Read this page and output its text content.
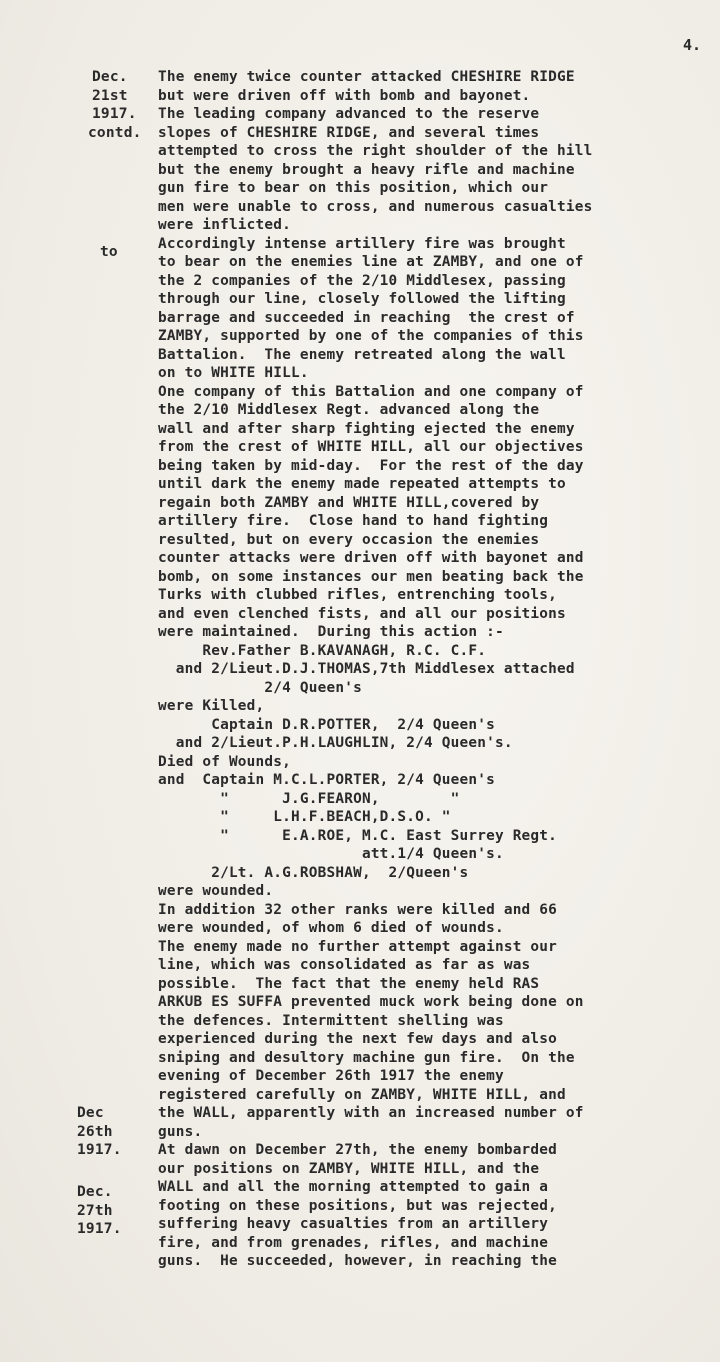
4.
Dec.
21st
1917.
contd.
to
Dec
26th
1917.
Dec.
27th
1917.
The enemy twice counter attacked CHESHIRE RIDGE
but were driven off with bomb and bayonet.
The leading company advanced to the reserve
slopes of CHESHIRE RIDGE, and several times
attempted to cross the right shoulder of the hill
but the enemy brought a heavy rifle and machine
gun fire to bear on this position, which our
men were unable to cross, and numerous casualties
were inflicted.
Accordingly intense artillery fire was brought
to bear on the enemies line at ZAMBY, and one of
the 2 companies of the 2/10 Middlesex, passing
through our line, closely followed the lifting
barrage and succeeded in reaching  the crest of
ZAMBY, supported by one of the companies of this
Battalion.  The enemy retreated along the wall
on to WHITE HILL.
One company of this Battalion and one company of
the 2/10 Middlesex Regt. advanced along the
wall and after sharp fighting ejected the enemy
from the crest of WHITE HILL, all our objectives
being taken by mid-day.  For the rest of the day
until dark the enemy made repeated attempts to
regain both ZAMBY and WHITE HILL,covered by
artillery fire.  Close hand to hand fighting
resulted, but on every occasion the enemies
counter attacks were driven off with bayonet and
bomb, on some instances our men beating back the
Turks with clubbed rifles, entrenching tools,
and even clenched fists, and all our positions
were maintained.  During this action :-
Rev.Father B.KAVANAGH, R.C. C.F.
and 2/Lieut.D.J.THOMAS,7th Middlesex attached
2/4 Queen's
were Killed,
Captain D.R.POTTER,  2/4 Queen's
and 2/Lieut.P.H.LAUGHLIN, 2/4 Queen's.
Died of Wounds,
and  Captain M.C.L.PORTER, 2/4 Queen's
"      J.G.FEARON,        "
"     L.H.F.BEACH,D.S.O. "
"      E.A.ROE, M.C. East Surrey Regt.
att.1/4 Queen's.
2/Lt. A.G.ROBSHAW,  2/Queen's
were wounded.
In addition 32 other ranks were killed and 66
were wounded, of whom 6 died of wounds.
The enemy made no further attempt against our
line, which was consolidated as far as was
possible.  The fact that the enemy held RAS
ARKUB ES SUFFA prevented muck work being done on
the defences. Intermittent shelling was
experienced during the next few days and also
sniping and desultory machine gun fire.  On the
evening of December 26th 1917 the enemy
registered carefully on ZAMBY, WHITE HILL, and
the WALL, apparently with an increased number of
guns.
At dawn on December 27th, the enemy bombarded
our positions on ZAMBY, WHITE HILL, and the
WALL and all the morning attempted to gain a
footing on these positions, but was rejected,
suffering heavy casualties from an artillery
fire, and from grenades, rifles, and machine
guns.  He succeeded, however, in reaching the
